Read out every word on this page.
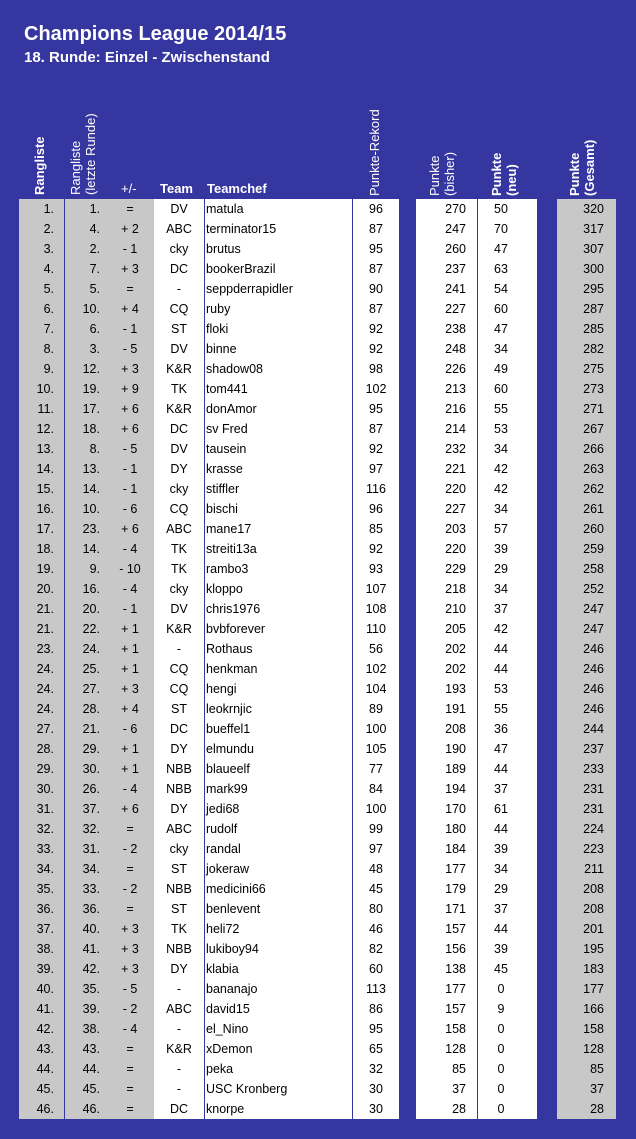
Champions League 2014/15
18. Runde: Einzel - Zwischenstand
Rangliste Rangliste (letzte Runde) +/- Team Teamchef	Punkte-Rekord	Punkte (bisher) Punkte (neu)	Punkte (Gesamt)
1.	1.	=	DV	matula	96	270	50	320
2.	4.	+ 2	ABC	terminator15	87	247	70	317
3.	2.	- 1	cky	brutus	95	260	47	307
4.	7.	+ 3	DC	bookerBrazil	87	237	63	300
5.	5.	=	-	seppderrapidler	90	241	54	295
6.	10.	+ 4	CQ	ruby	87	227	60	287
7.	6.	- 1	ST	floki	92	238	47	285
8.	3.	- 5	DV	binne	92	248	34	282
9.	12.	+ 3	K&R	shadow08	98	226	49	275
10.	19.	+ 9	TK	tom441	102	213	60	273
11.	17.	+ 6	K&R	donAmor	95	216	55	271
12.	18.	+ 6	DC	sv Fred	87	214	53	267
13.	8.	- 5	DV	tausein	92	232	34	266
14.	13.	- 1	DY	krasse	97	221	42	263
15.	14.	- 1	cky	stiffler	116	220	42	262
16.	10.	- 6	CQ	bischi	96	227	34	261
17.	23.	+ 6	ABC	mane17	85	203	57	260
18.	14.	- 4	TK	streiti13a	92	220	39	259
19.	9.	- 10	TK	rambo3	93	229	29	258
20.	16.	- 4	cky	kloppo	107	218	34	252
21.	20.	- 1	DV	chris1976	108	210	37	247
21.	22.	+ 1	K&R	bvbforever	110	205	42	247
23.	24.	+ 1	-	Rothaus	56	202	44	246
24.	25.	+ 1	CQ	henkman	102	202	44	246
24.	27.	+ 3	CQ	hengi	104	193	53	246
24.	28.	+ 4	ST	leokrnjic	89	191	55	246
27.	21.	- 6	DC	bueffel1	100	208	36	244
28.	29.	+ 1	DY	elmundu	105	190	47	237
29.	30.	+ 1	NBB	blaueelf	77	189	44	233
30.	26.	- 4	NBB	mark99	84	194	37	231
31.	37.	+ 6	DY	jedi68	100	170	61	231
32.	32.	=	ABC	rudolf	99	180	44	224
33.	31.	- 2	cky	randal	97	184	39	223
34.	34.	=	ST	jokeraw	48	177	34	211
35.	33.	- 2	NBB	medicini66	45	179	29	208
36.	36.	=	ST	benlevent	80	171	37	208
37.	40.	+ 3	TK	heli72	46	157	44	201
38.	41.	+ 3	NBB	lukiboy94	82	156	39	195
39.	42.	+ 3	DY	klabia	60	138	45	183
40.	35.	- 5	-	bananajo	113	177	0	177
41.	39.	- 2	ABC	david15	86	157	9	166
42.	38.	- 4	-	el_Nino	95	158	0	158
43.	43.	=	K&R	xDemon	65	128	0	128
44.	44.	=	-	peka	32	85	0	85
45.	45.	=	-	USC Kronberg	30	37	0	37
46.	46.	=	DC	knorpe	30	28	0	28
